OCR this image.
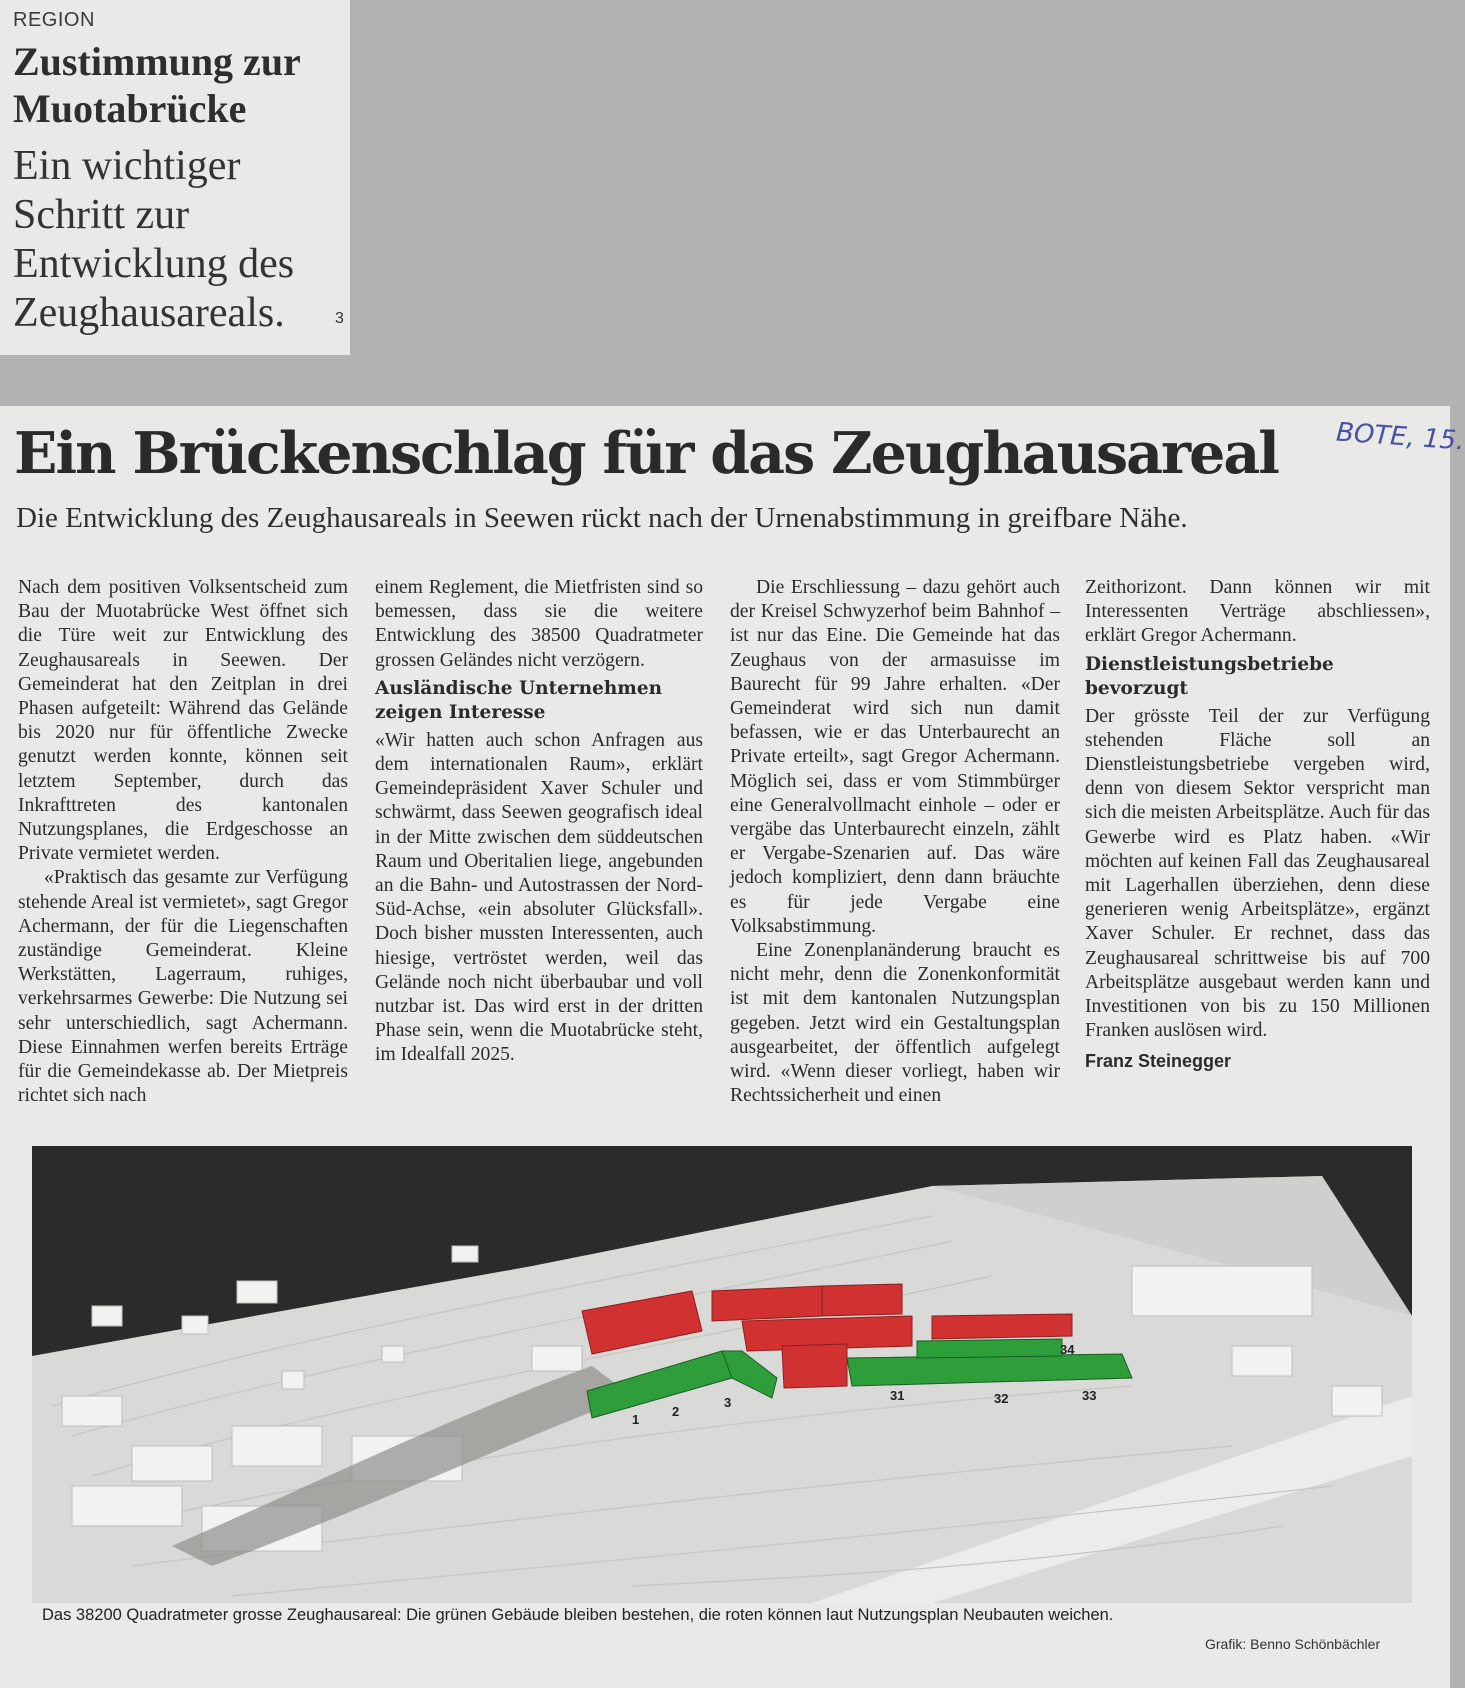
REGION
Zustimmung zur Muotabrücke
Ein wichtiger Schritt zur Entwicklung des Zeughausareals.	3
Ein Brückenschlag für das Zeughausareal BOTE, 15.
Die Entwicklung des Zeughausareals in Seewen rückt nach der Urnenabstimmung in greifbare Nähe.

Nach dem positiven Volksentscheid zum Bau der Muotabrücke West öffnet sich die Türe weit zur Entwicklung des Zeughausareals in Seewen. Der Gemeinderat hat den Zeitplan in drei Phasen aufgeteilt: Während das Gelände bis 2020 nur für öffentliche Zwecke genutzt werden konnte, können seit letztem September, durch das Inkrafttreten des kantonalen Nutzungsplanes, die Erdgeschosse an Private vermietet werden.

«Praktisch das gesamte zur Verfügung stehende Areal ist vermietet», sagt Gregor Achermann, der für die Liegenschaften zuständige Gemeinderat. Kleine Werkstätten, Lagerraum, ruhiges, verkehrsarmes Gewerbe: Die Nutzung sei sehr unterschiedlich, sagt Achermann. Diese Einnahmen werfen bereits Erträge für die Gemeindekasse ab. Der Mietpreis richtet sich nach

einem Reglement, die Mietfristen sind so bemessen, dass sie die weitere Entwicklung des 38500 Quadratmeter grossen Geländes nicht verzögern.

Ausländische Unternehmen zeigen Interesse

«Wir hatten auch schon Anfragen aus dem internationalen Raum», erklärt Gemeindepräsident Xaver Schuler und schwärmt, dass Seewen geografisch ideal in der Mitte zwischen dem süddeutschen Raum und Oberitalien liege, angebunden an die Bahn- und Autostrassen der Nord-Süd-Achse, «ein absoluter Glücksfall». Doch bisher mussten Interessenten, auch hiesige, vertröstet werden, weil das Gelände noch nicht überbaubar und voll nutzbar ist. Das wird erst in der dritten Phase sein, wenn die Muotabrücke steht, im Idealfall 2025.

Die Erschliessung – dazu gehört auch der Kreisel Schwyzerhof beim Bahnhof – ist nur das Eine. Die Gemeinde hat das Zeughaus von der armasuisse im Baurecht für 99 Jahre erhalten. «Der Gemeinderat wird sich nun damit befassen, wie er das Unterbaurecht an Private erteilt», sagt Gregor Achermann. Möglich sei, dass er vom Stimmbürger eine Generalvollmacht einhole – oder er vergäbe das Unterbaurecht einzeln, zählt er Vergabe-Szenarien auf. Das wäre jedoch kompliziert, denn dann bräuchte es für jede Vergabe eine Volksabstimmung.

Eine Zonenplanänderung braucht es nicht mehr, denn die Zonenkonformität ist mit dem kantonalen Nutzungsplan gegeben. Jetzt wird ein Gestaltungsplan ausgearbeitet, der öffentlich aufgelegt wird. «Wenn dieser vorliegt, haben wir Rechtssicherheit und einen

Zeithorizont. Dann können wir mit Interessenten Verträge abschliessen», erklärt Gregor Achermann.

Dienstleistungsbetriebe bevorzugt

Der grösste Teil der zur Verfügung stehenden Fläche soll an Dienstleistungsbetriebe vergeben wird, denn von diesem Sektor verspricht man sich die meisten Arbeitsplätze. Auch für das Gewerbe wird es Platz haben. «Wir möchten auf keinen Fall das Zeughausareal mit Lagerhallen überziehen, denn diese generieren wenig Arbeitsplätze», ergänzt Xaver Schuler. Er rechnet, dass das Zeughausareal schrittweise bis auf 700 Arbeitsplätze ausgebaut werden kann und Investitionen von bis zu 150 Millionen Franken auslösen wird.

Franz Steinegger

1
2
3	31	32	33
34
Das 38200 Quadratmeter grosse Zeughausareal: Die grünen Gebäude bleiben bestehen, die roten können laut Nutzungsplan Neubauten weichen.
Grafik: Benno Schönbächler
